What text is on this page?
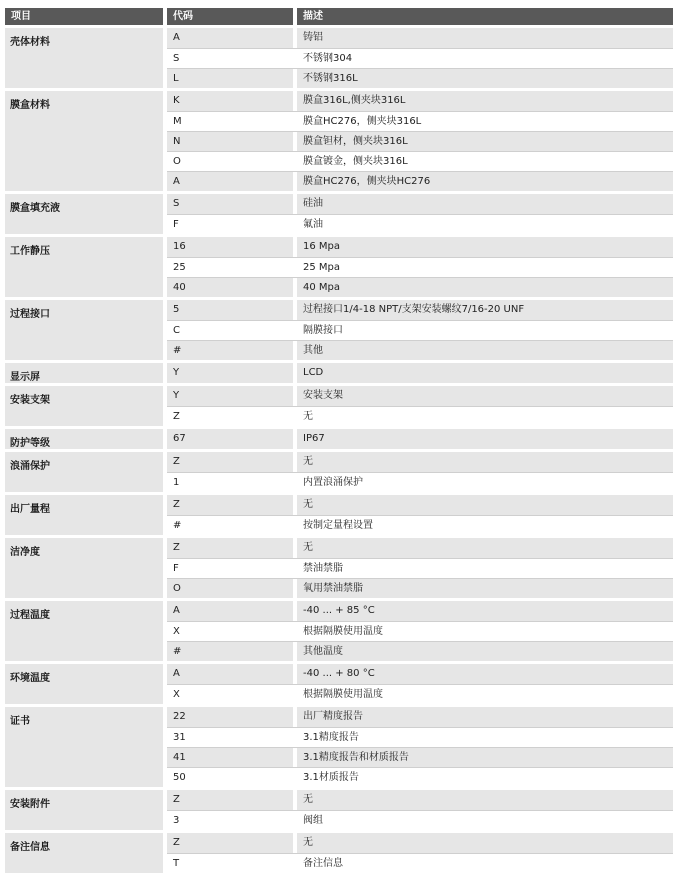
项目	代码	描述
壳体材料	A	铸铝
S	不锈钢304
L	不锈钢316L
膜盒材料	K	膜盒316L,侧夹块316L
M	膜盒HC276，侧夹块316L
N	膜盒钽材，侧夹块316L
O	膜盒镀金，侧夹块316L
A	膜盒HC276，侧夹块HC276
膜盒填充液	S	硅油
F	氟油
工作静压	16	16 Mpa
25	25 Mpa
40	40 Mpa
过程接口	5	过程接口1/4-18 NPT/支架安装螺纹7/16-20 UNF
C	隔膜接口
#	其他
显示屏	Y	LCD
安装支架	Y	安装支架
Z	无
防护等级	67	IP67
浪涌保护	Z	无
1	内置浪涌保护
出厂量程	Z	无
#	按制定量程设置
洁净度	Z	无
F	禁油禁脂
O	氧用禁油禁脂
过程温度	A	-40 ... + 85 °C
X	根据隔膜使用温度
#	其他温度
环境温度	A	-40 ... + 80 °C
X	根据隔膜使用温度
证书	22	出厂精度报告
31	3.1精度报告
41	3.1精度报告和材质报告
50	3.1材质报告
安装附件	Z	无
3	阀组
备注信息	Z	无
T	备注信息
